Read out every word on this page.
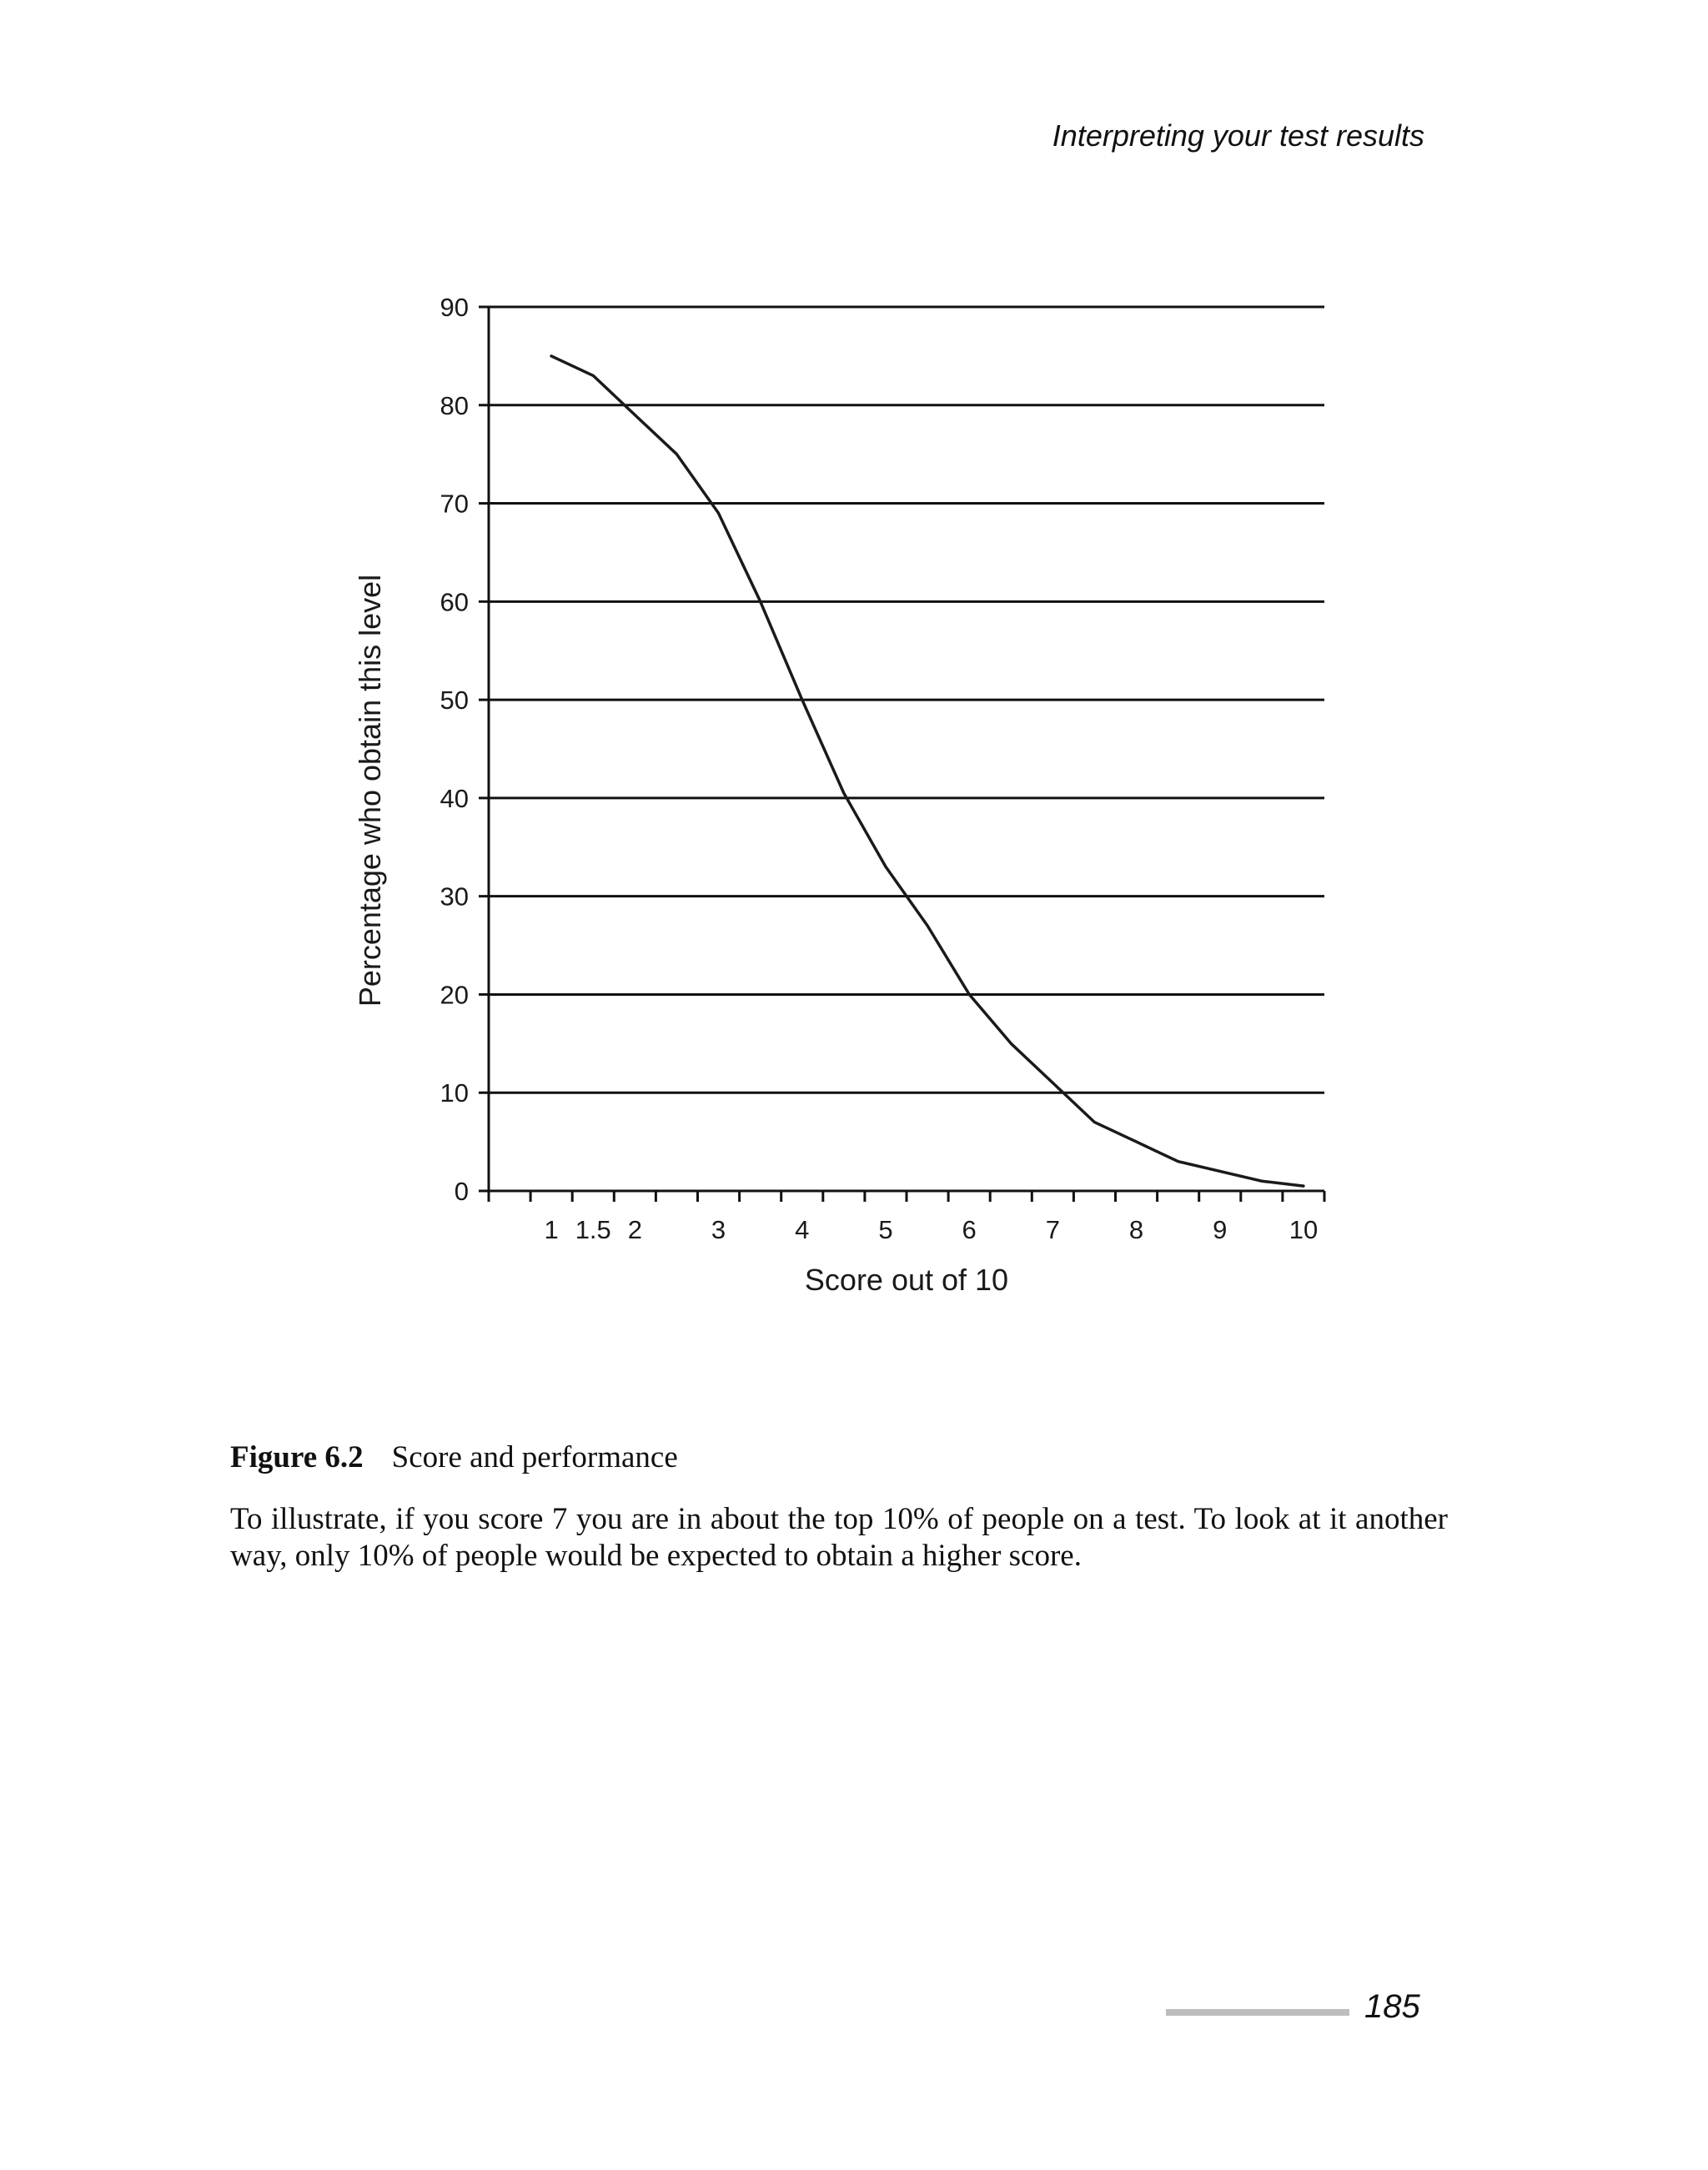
Interpreting your test results
0
10
20
30
40
50
60
70
80
90
1 1.5 2	3	4	5	6	7	8	9 10
Score out of 10
Percentage who obtain this level
Figure 6.2 Score and performance
To illustrate, if you score 7 you are in about the top 10% of people on a test. To look at it another way, only 10% of people would be expected to obtain a higher score.
185
